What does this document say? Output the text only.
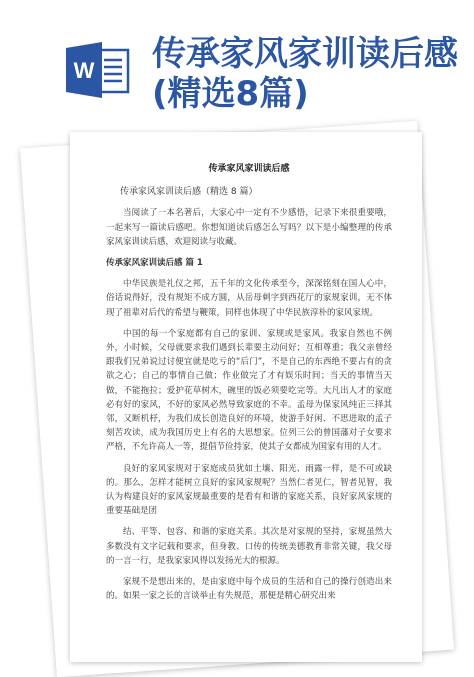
W 传承家风家训读后感(精选8篇)
传承家风家训读后感
传承家风家训读后感（精选 8 篇）

当阅读了一本名著后，大家心中一定有不少感悟，记录下来很重要哦，一起来写一篇读后感吧。你想知道读后感怎么写吗？以下是小编整理的传承家风家训读后感，欢迎阅读与收藏。

传承家风家训读后感 篇 1

中华民族是礼仪之邦，五千年的文化传承至今，深深铭刻在国人心中，俗话说得好，没有规矩不成方圆，从岳母刺字到西花厅的家规家训，无不体现了祖辈对后代的希望与鞭策，同样也体现了中华民族淳朴的家风家规。

中国的每一个家庭都有自己的家训、家规或是家风。我家自然也不例外，小时候，父母就要求我们遇到长辈要主动问好；互相尊重；我父亲曾经跟我们兄弟说过讨便宜就是吃亏的“后门”，不是自己的东西绝不要占有的贪欲之心；自己的事情自己做；作业做完了才有娱乐时间；当天的事情当天做，不能拖拉；爱护花草树木，碗里的饭必须要吃完等。大凡出人才的家庭必有好的家风，不好的家风必然导致家庭的不幸。孟母为保家风纯正三择其邻，又断机杼，为我们成长创造良好的环境，使游手好闲、不思进取的孟子刻苦攻读，成为我国历史上有名的大思想家。位列三公的曾国藩对子女要求严格，不允许高人一等，提倡节俭持家，使其子女都成为国家有用的人才。

良好的家风家规对于家庭成员犹如土壤、阳光、雨露一样，是不可或缺的。那么，怎样才能树立良好的家风家规呢？当然仁者见仁，智者见智，我认为构建良好的家风家规最重要的是看有和谐的家庭关系，良好家风家规的重要基础是团

结、平等、包容、和谐的家庭关系。其次是对家规的坚持，家规虽然大多数没有文字记载和要求，但身教、口传的传统美德教育非常关键，我父母的一言一行，是我家家风得以发扬光大的根源。

家规不是想出来的，是由家庭中每个成员的生活和自己的操行创造出来的。如果一家之长的言谈举止有失规范，那便是精心研究出来
